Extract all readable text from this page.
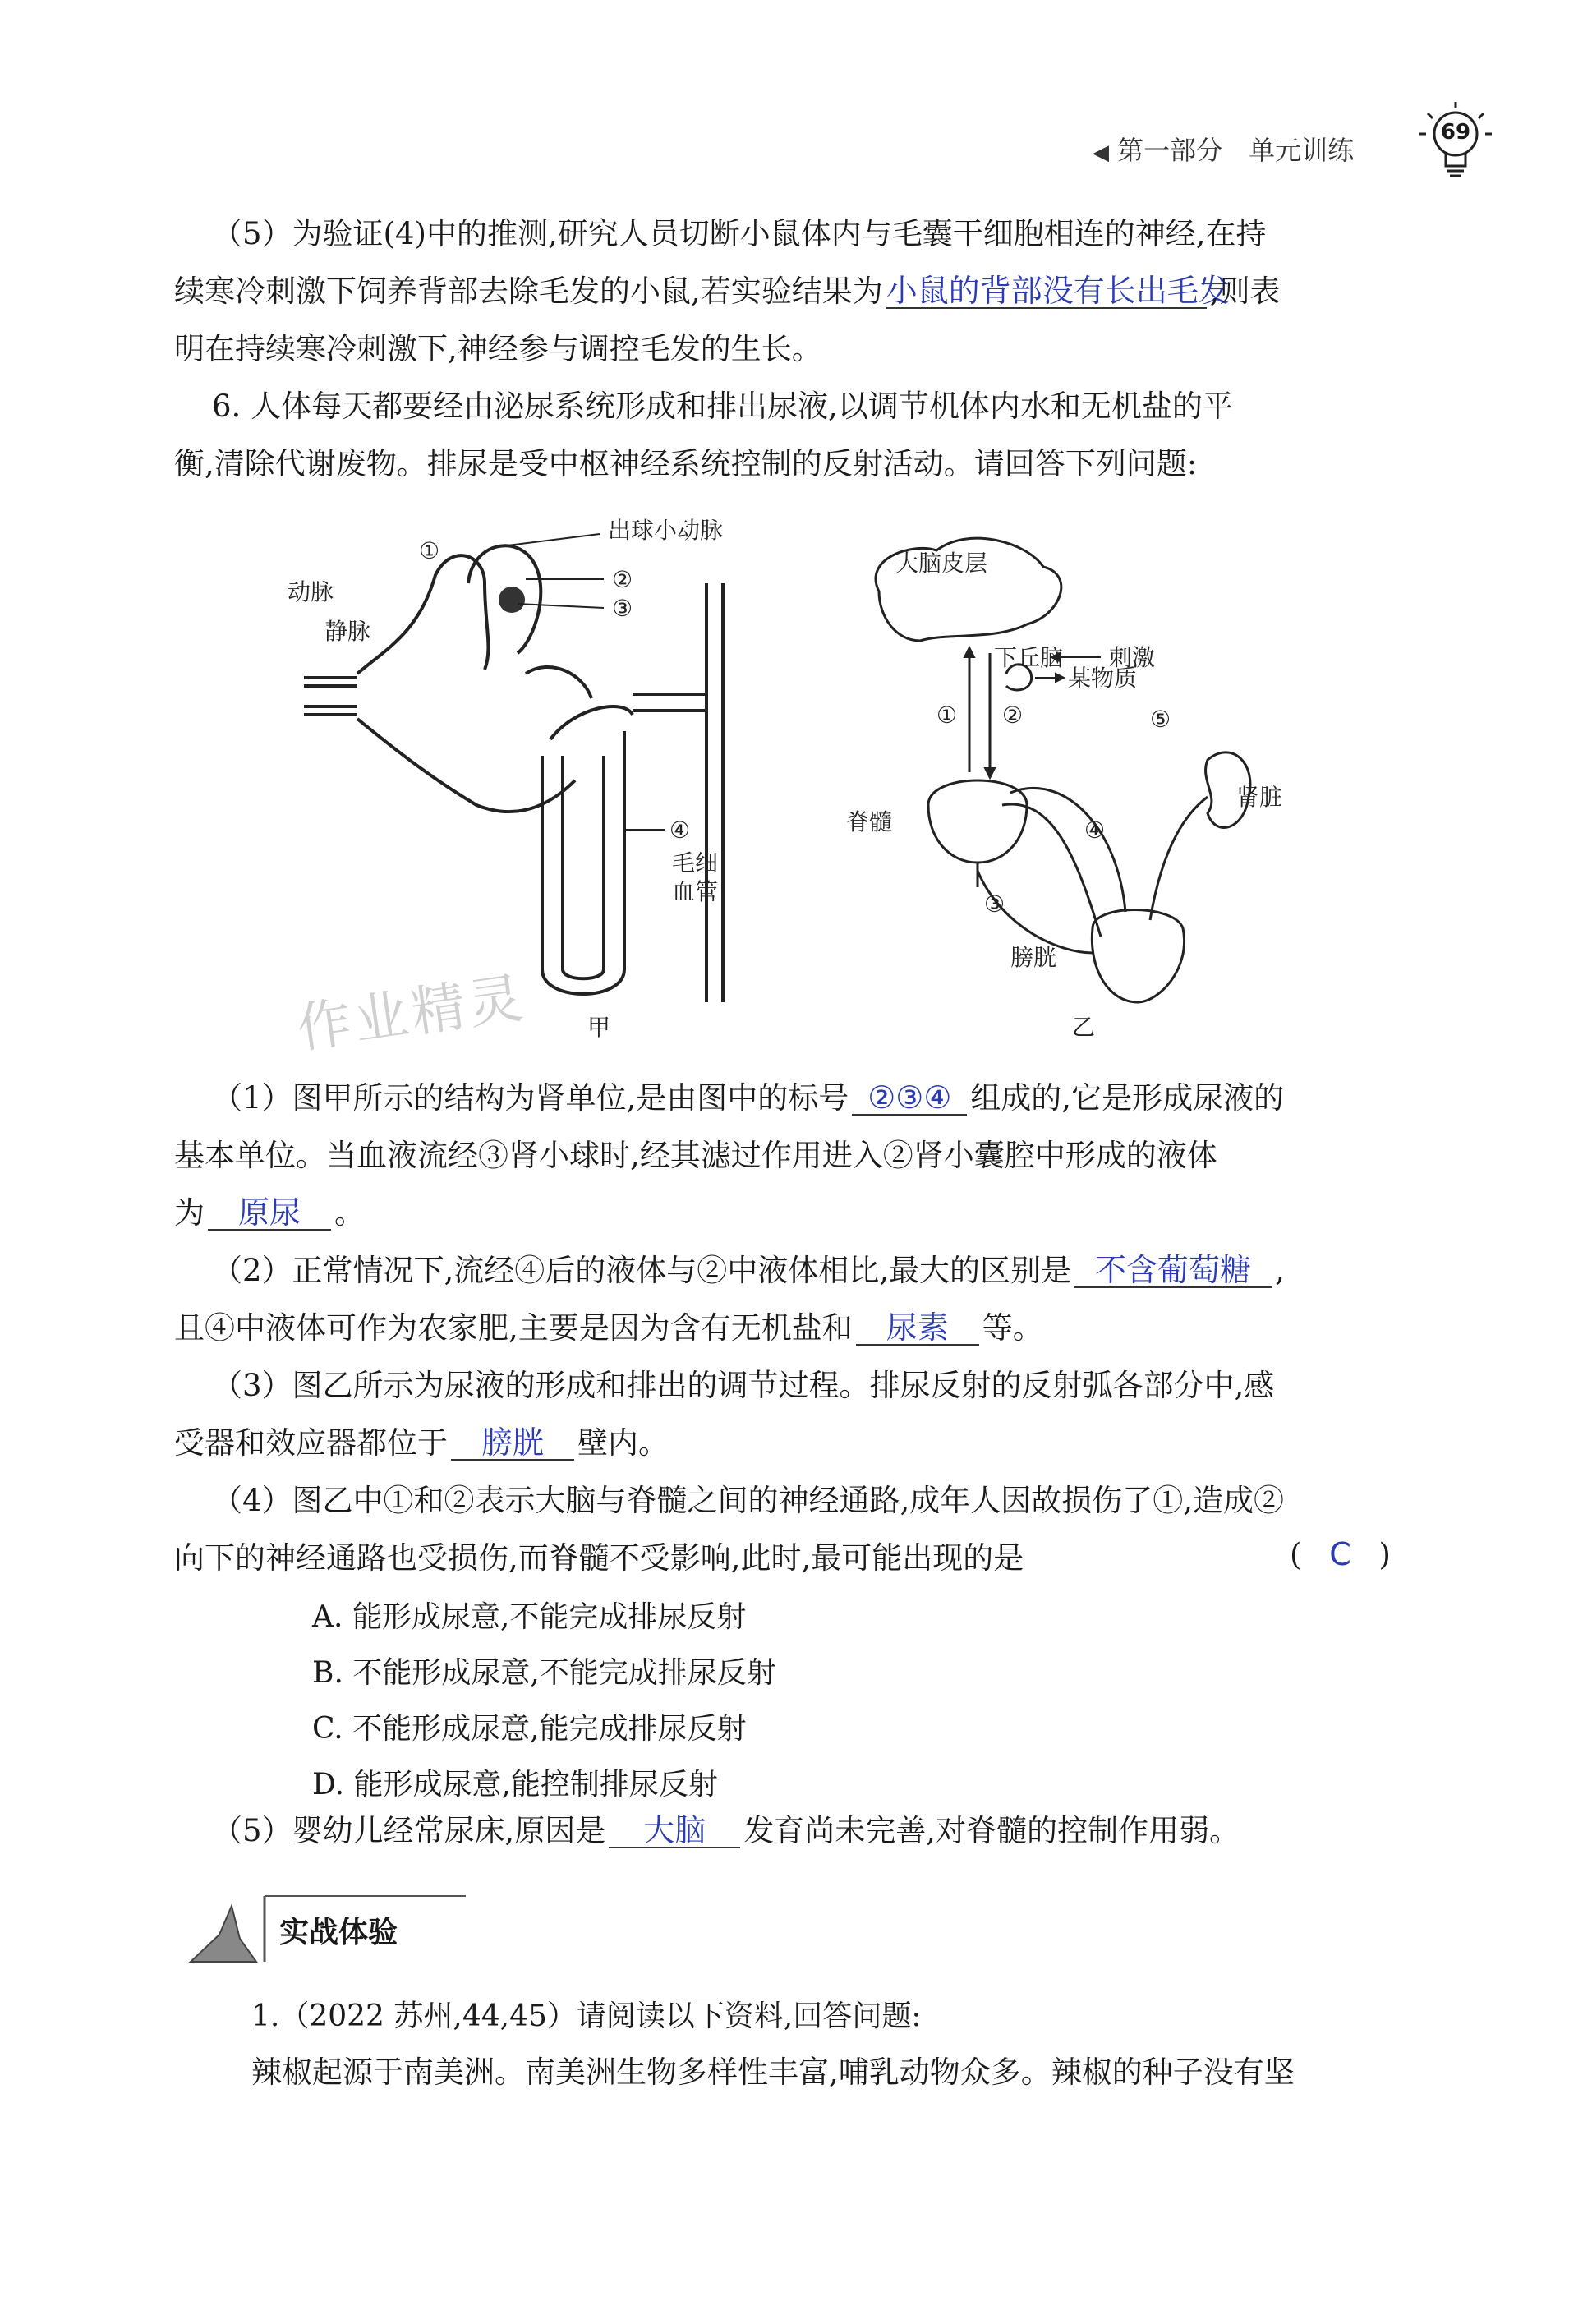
◀ 第一部分　单元训练
69
（5）为验证(4)中的推测,研究人员切断小鼠体内与毛囊干细胞相连的神经,在持
续寒冷刺激下饲养背部去除毛发的小鼠,若实验结果为 小鼠的背部没有长出毛发,则表
明在持续寒冷刺激下,神经参与调控毛发的生长。
6. 人体每天都要经由泌尿系统形成和排出尿液,以调节机体内水和无机盐的平
衡,清除代谢废物。排尿是受中枢神经系统控制的反射活动。请回答下列问题:
出球小动脉
①
②
③
动脉
静脉
④
毛细
血管
甲
大脑皮层
下丘脑 刺激
某物质
① ②	⑤
脊髓	④
肾脏
③
膀胱
乙
作业精灵
（1）图甲所示的结构为肾单位,是由图中的标号 ②③④ 组成的,它是形成尿液的
基本单位。当血液流经③肾小球时,经其滤过作用进入②肾小囊腔中形成的液体
为 原尿 。
（2）正常情况下,流经④后的液体与②中液体相比,最大的区别是 不含葡萄糖 ,
且④中液体可作为农家肥,主要是因为含有无机盐和 尿素 等。
（3）图乙所示为尿液的形成和排出的调节过程。排尿反射的反射弧各部分中,感
受器和效应器都位于 膀胱 壁内。
（4）图乙中①和②表示大脑与脊髓之间的神经通路,成年人因故损伤了①,造成②
向下的神经通路也受损伤,而脊髓不受影响,此时,最可能出现的是	( C )
A. 能形成尿意,不能完成排尿反射
B. 不能形成尿意,不能完成排尿反射
C. 不能形成尿意,能完成排尿反射
D. 能形成尿意,能控制排尿反射
（5）婴幼儿经常尿床,原因是 大脑 发育尚未完善,对脊髓的控制作用弱。
实战体验
1.（2022 苏州,44,45）请阅读以下资料,回答问题:
辣椒起源于南美洲。南美洲生物多样性丰富,哺乳动物众多。辣椒的种子没有坚
